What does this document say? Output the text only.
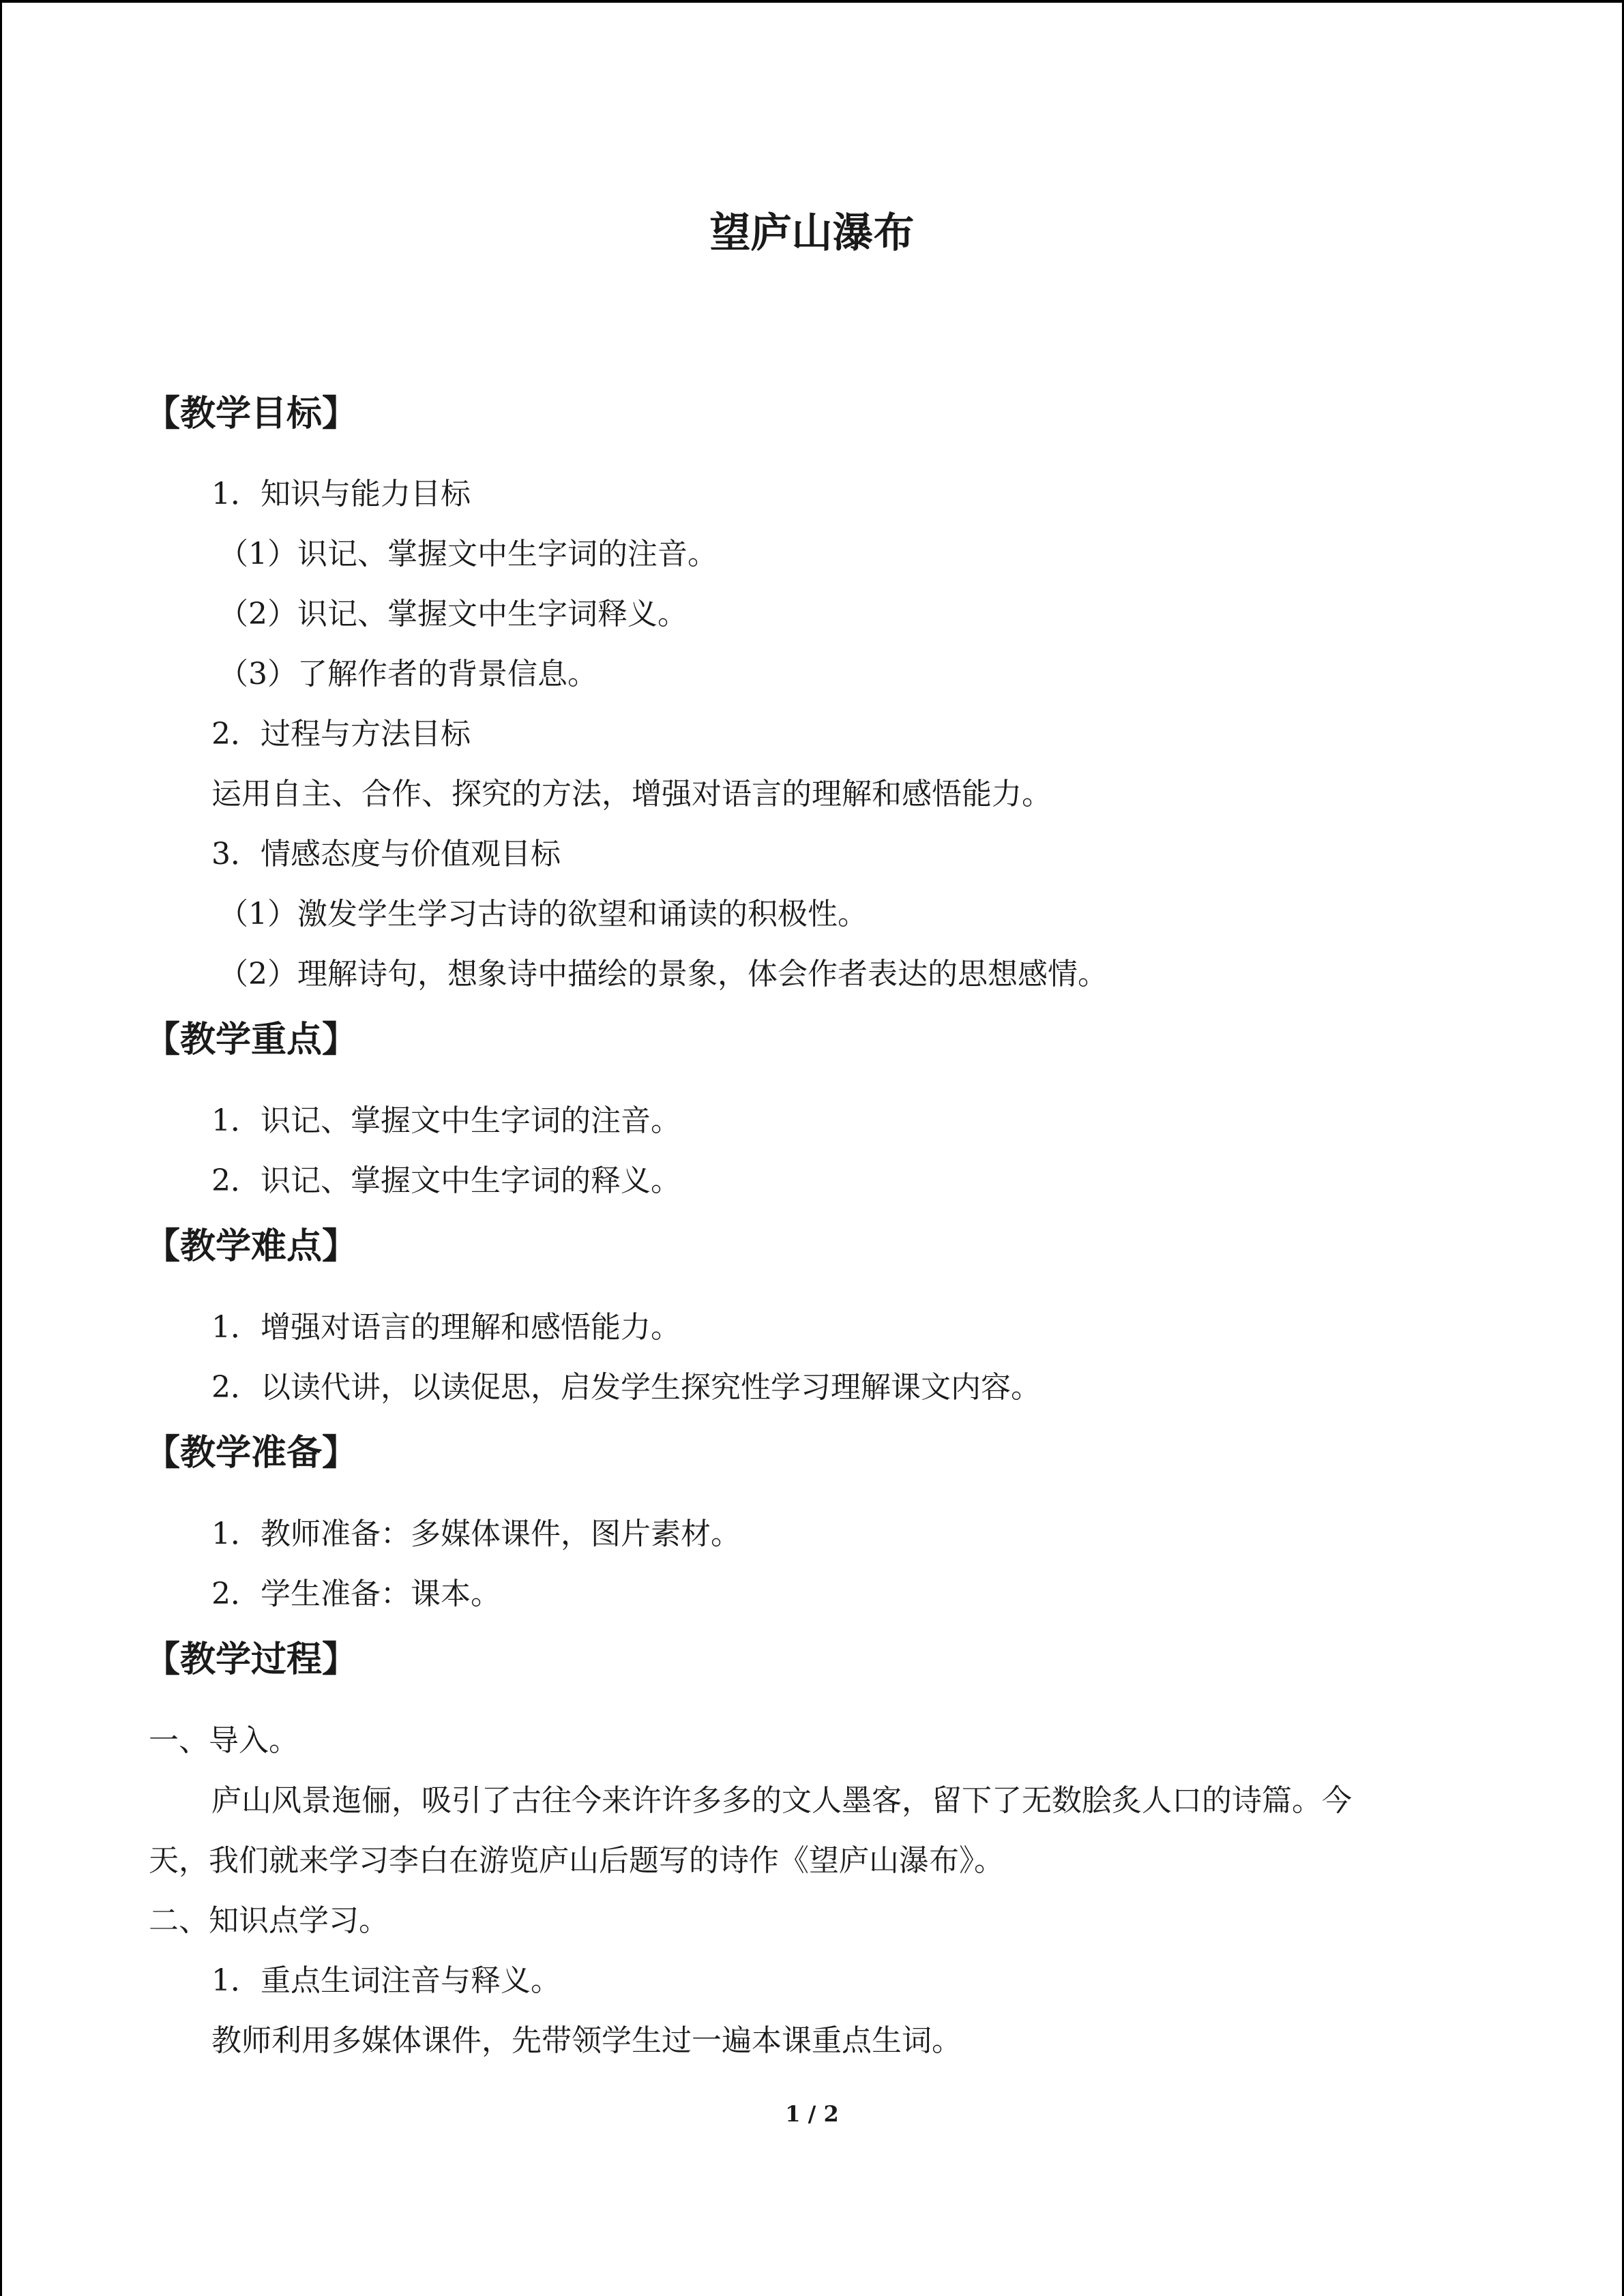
望庐山瀑布
【教学目标】
1．知识与能力目标
（1）识记、掌握文中生字词的注音。
（2）识记、掌握文中生字词释义。
（3）了解作者的背景信息。
2．过程与方法目标
运用自主、合作、探究的方法，增强对语言的理解和感悟能力。
3．情感态度与价值观目标
（1）激发学生学习古诗的欲望和诵读的积极性。
（2）理解诗句，想象诗中描绘的景象，体会作者表达的思想感情。
【教学重点】
1．识记、掌握文中生字词的注音。
2．识记、掌握文中生字词的释义。
【教学难点】
1．增强对语言的理解和感悟能力。
2．以读代讲，以读促思，启发学生探究性学习理解课文内容。
【教学准备】
1．教师准备：多媒体课件，图片素材。
2．学生准备：课本。
【教学过程】
一、导入。
庐山风景迤俪，吸引了古往今来许许多多的文人墨客，留下了无数脍炙人口的诗篇。今
天，我们就来学习李白在游览庐山后题写的诗作《望庐山瀑布》。
二、知识点学习。
1．重点生词注音与释义。
教师利用多媒体课件，先带领学生过一遍本课重点生词。
1 / 2
